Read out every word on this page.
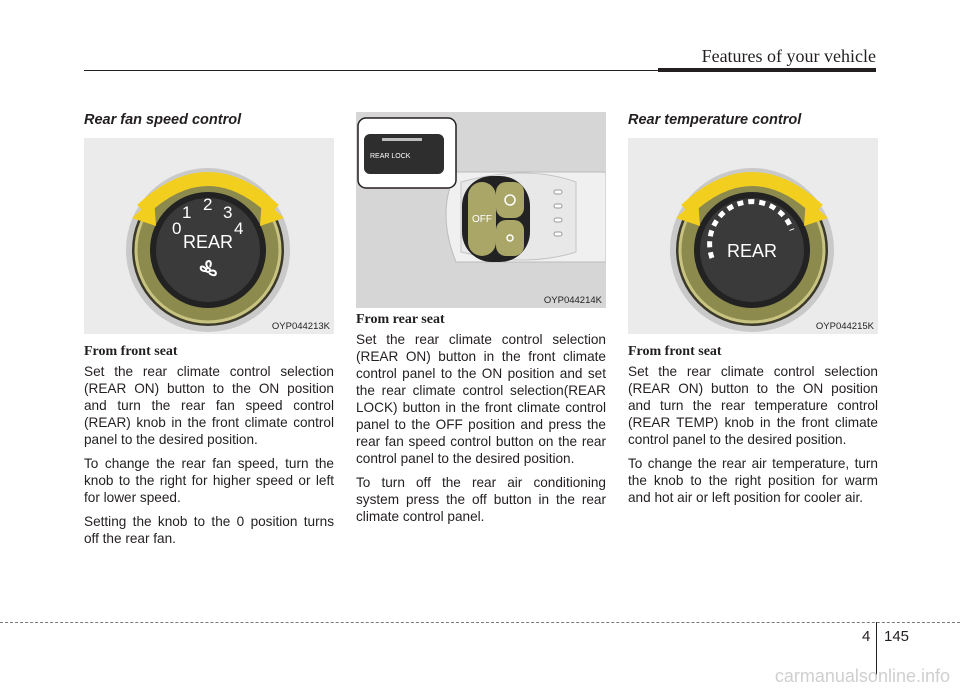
Features of your vehicle
Rear fan speed control
0
1 2 3
4
REAR
OYP044213K
From front seat

Set the rear climate control selection (REAR ON) button to the ON position and turn the rear fan speed control (REAR) knob in the front climate control panel to the desired position.

To change the rear fan speed, turn the knob to the right for higher speed or left for lower speed.

Setting the knob to the 0 position turns off the rear fan.

OFF
REAR LOCK
OYP044214K
From rear seat

Set the rear climate control selection (REAR ON) button in the front climate control panel to the ON position and set the rear climate control selection(REAR LOCK) button in the front climate control panel to the OFF position and press the rear fan speed control button on the rear control panel to the desired position.

To turn off the rear air conditioning system press the off button in the rear climate control panel.

Rear temperature control
REAR
OYP044215K
From front seat

Set the rear climate control selection (REAR ON) button to the ON position and turn the rear temperature control (REAR TEMP) knob in the front climate control panel to the desired position.

To change the rear air temperature, turn the knob to the right position for warm and hot air or left position for cooler air.

4 145
carmanualsonline.info
